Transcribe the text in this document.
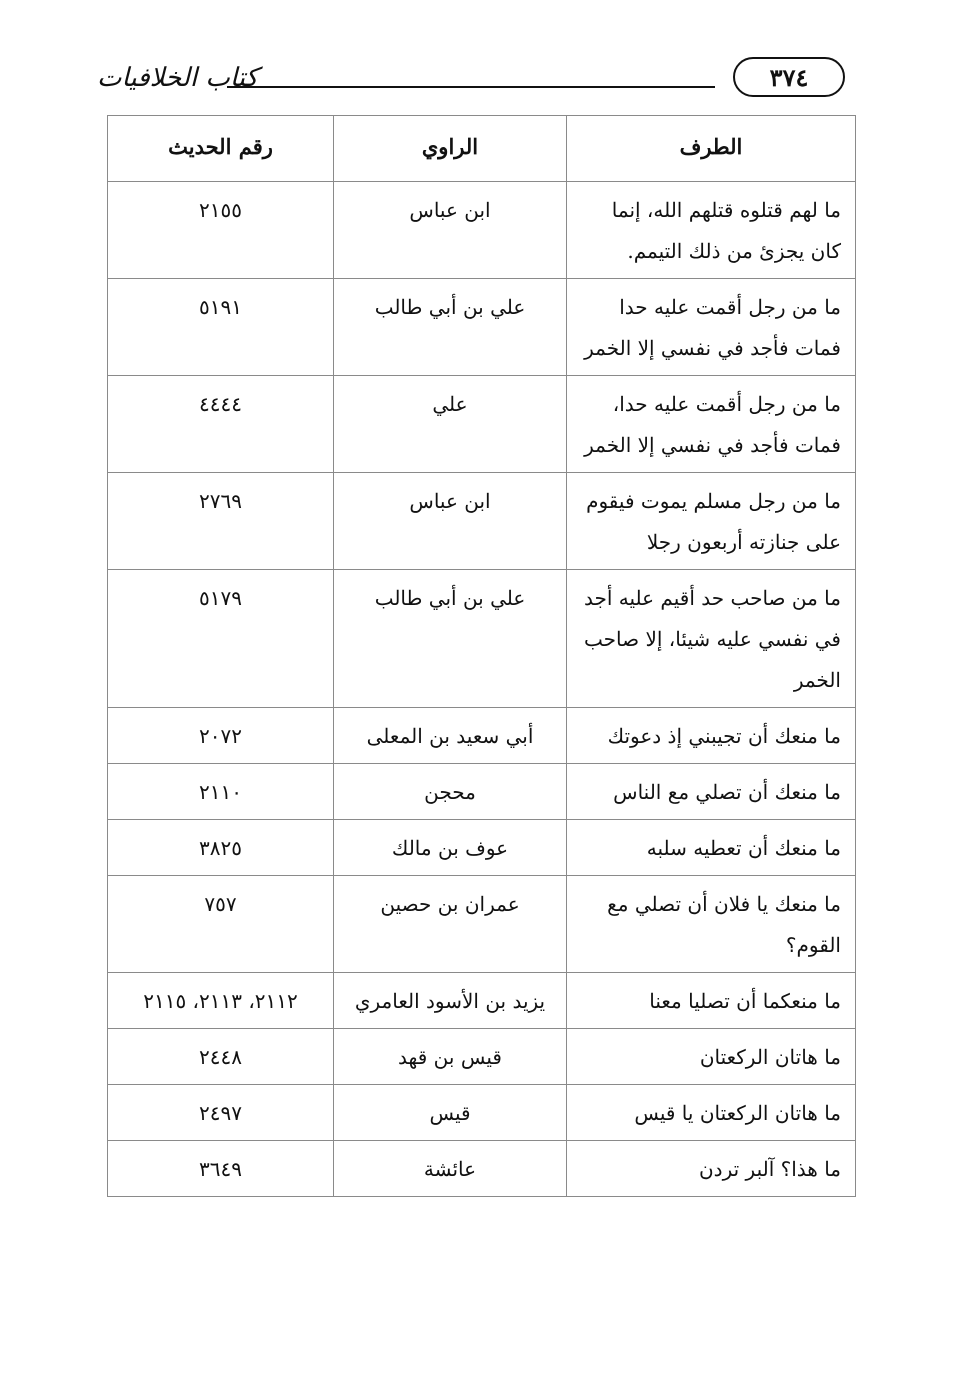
كتاب الخلافيات	٣٧٤
الطرف	الراوي	رقم الحديث
ما لهم قتلوه قتلهم الله، إنما كان يجزئ من ذلك التيمم.	ابن عباس	٢١٥٥
ما من رجل أقمت عليه حدا فمات فأجد في نفسي إلا الخمر	علي بن أبي طالب	٥١٩١
ما من رجل أقمت عليه حدا، فمات فأجد في نفسي إلا الخمر	علي	٤٤٤٤
ما من رجل مسلم يموت فيقوم على جنازته أربعون رجلا	ابن عباس	٢٧٦٩
ما من صاحب حد أقيم عليه أجد في نفسي عليه شيئا، إلا صاحب الخمر	علي بن أبي طالب	٥١٧٩
ما منعك أن تجيبني إذ دعوتك	أبي سعيد بن المعلى	٢٠٧٢
ما منعك أن تصلي مع الناس	محجن	٢١١٠
ما منعك أن تعطيه سلبه	عوف بن مالك	٣٨٢٥
ما منعك يا فلان أن تصلي مع القوم؟	عمران بن حصين	٧٥٧
ما منعكما أن تصليا معنا	يزيد بن الأسود العامري	٢١١٢، ٢١١٣، ٢١١٥
ما هاتان الركعتان	قيس بن قهد	٢٤٤٨
ما هاتان الركعتان يا قيس	قيس	٢٤٩٧
ما هذا؟ آلبر تردن	عائشة	٣٦٤٩
